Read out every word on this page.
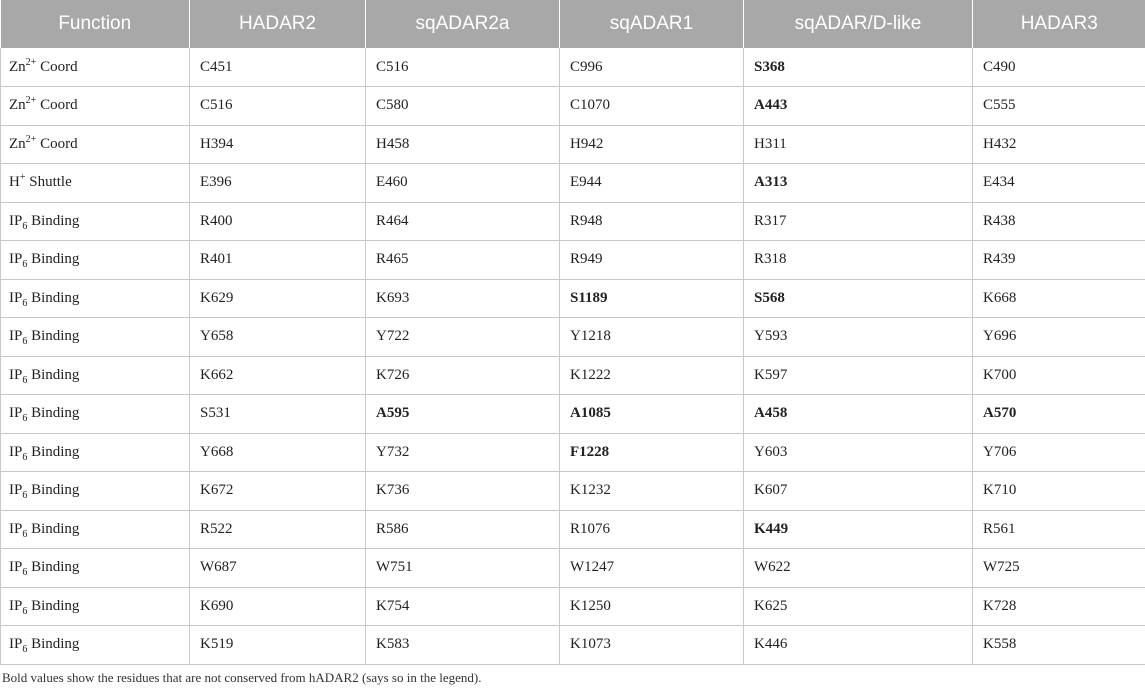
Function	HADAR2	sqADAR2a	sqADAR1	sqADAR/D-like	HADAR3
$Zn^{2+}$ Coord	C451	C516	C996	S368	C490
$Zn^{2+}$ Coord	C516	C580	C1070	A443	C555
$Zn^{2+}$ Coord	H394	H458	H942	H311	H432
H+ Shuttle	E396	E460	E944	A313	E434
$IP_6$ Binding	R400	R464	R948	R317	R438
$IP_6$ Binding	R401	R465	R949	R318	R439
$IP_6$ Binding	K629	K693	S1189	S568	K668
$IP_6$ Binding	Y658	Y722	Y1218	Y593	Y696
$IP_6$ Binding	K662	K726	K1222	K597	K700
$IP_6$ Binding	S531	A595	A1085	A458	A570
$IP_6$ Binding	Y668	Y732	F1228	Y603	Y706
$IP_6$ Binding	K672	K736	K1232	K607	K710
$IP_6$ Binding	R522	R586	R1076	K449	R561
$IP_6$ Binding	W687	W751	W1247	W622	W725
$IP_6$ Binding	K690	K754	K1250	K625	K728
$IP_6$ Binding	K519	K583	K1073	K446	K558
Bold values show the residues that are not conserved from hADAR2 (says so in the legend).
